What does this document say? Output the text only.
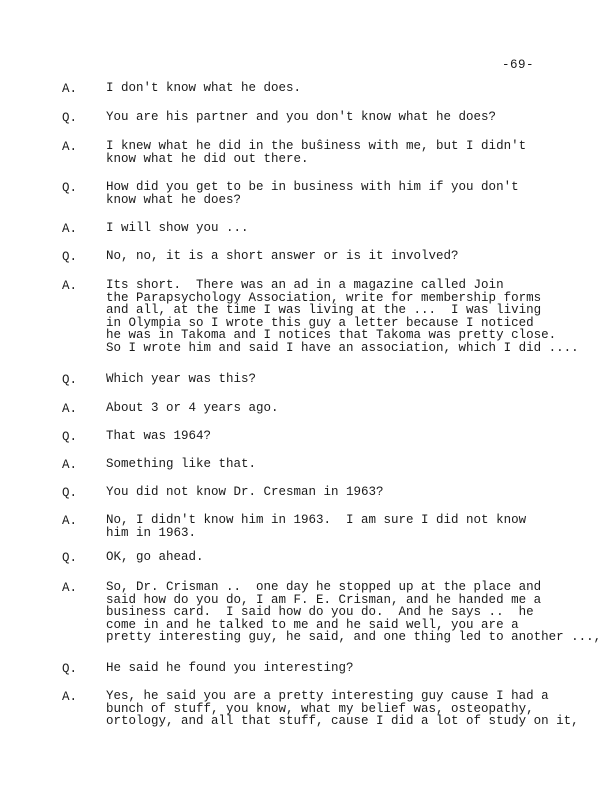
-69-
A. I don't know what he does.
Q. You are his partner and you don't know what he does?
A. I knew what he did in the buŝiness with me, but I didn't
know what he did out there.
Q. How did you get to be in business with him if you don't
know what he does?
A. I will show you ...
Q. No, no, it is a short answer or is it involved?
A. Its short.  There was an ad in a magazine called Join
the Parapsychology Association, write for membership forms
and all, at the time I was living at the ...  I was living
in Olympia so I wrote this guy a letter because I noticed
he was in Takoma and I notices that Takoma was pretty close.
So I wrote him and said I have an association, which I did ....
Q. Which year was this?
A. About 3 or 4 years ago.
Q. That was 1964?
A. Something like that.
Q. You did not know Dr. Cresman in 1963?
A. No, I didn't know him in 1963.  I am sure I did not know
him in 1963.
Q. OK, go ahead.
A. So, Dr. Crisman ..  one day he stopped up at the place and
said how do you do, I am F. E. Crisman, and he handed me a
business card.  I said how do you do.  And he says ..  he
come in and he talked to me and he said well, you are a
pretty interesting guy, he said, and one thing led to another ...,
Q. He said he found you interesting?
A. Yes, he said you are a pretty interesting guy cause I had a
bunch of stuff, you know, what my belief was, osteopathy,
ortology, and all that stuff, cause I did a lot of study on it,
